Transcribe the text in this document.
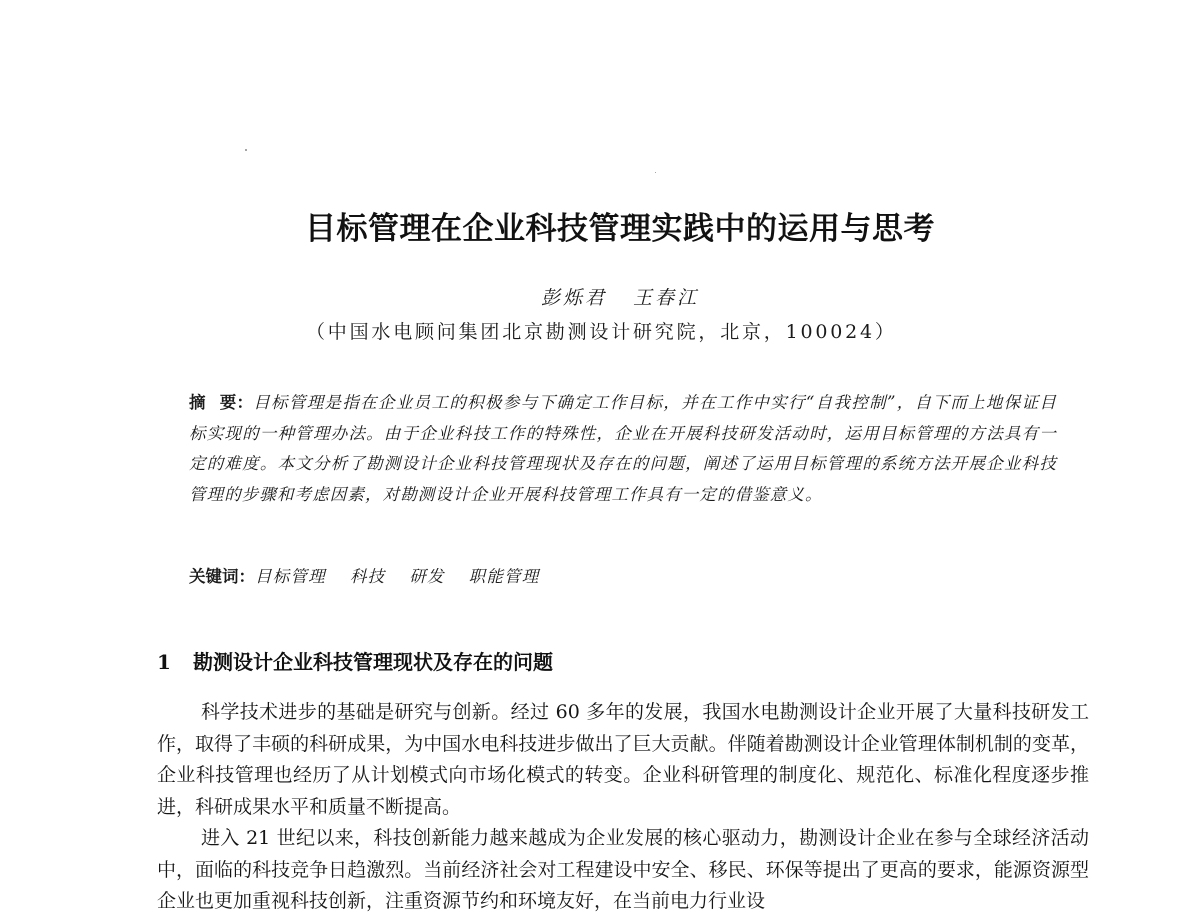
目标管理在企业科技管理实践中的运用与思考
彭烁君 王春江
（中国水电顾问集团北京勘测设计研究院，北京，100024）
摘要：目标管理是指在企业员工的积极参与下确定工作目标，并在工作中实行“自我控制”，自下而上地保证目标实现的一种管理办法。由于企业科技工作的特殊性，企业在开展科技研发活动时，运用目标管理的方法具有一定的难度。本文分析了勘测设计企业科技管理现状及存在的问题，阐述了运用目标管理的系统方法开展企业科技管理的步骤和考虑因素，对勘测设计企业开展科技管理工作具有一定的借鉴意义。
关键词：目标管理 科技 研发 职能管理
1 勘测设计企业科技管理现状及存在的问题

科学技术进步的基础是研究与创新。经过 60 多年的发展，我国水电勘测设计企业开展了大量科技研发工作，取得了丰硕的科研成果，为中国水电科技进步做出了巨大贡献。伴随着勘测设计企业管理体制机制的变革，企业科技管理也经历了从计划模式向市场化模式的转变。企业科研管理的制度化、规范化、标准化程度逐步推进，科研成果水平和质量不断提高。

进入 21 世纪以来，科技创新能力越来越成为企业发展的核心驱动力，勘测设计企业在参与全球经济活动中，面临的科技竞争日趋激烈。当前经济社会对工程建设中安全、移民、环保等提出了更高的要求，能源资源型企业也更加重视科技创新，注重资源节约和环境友好，在当前电力行业设
